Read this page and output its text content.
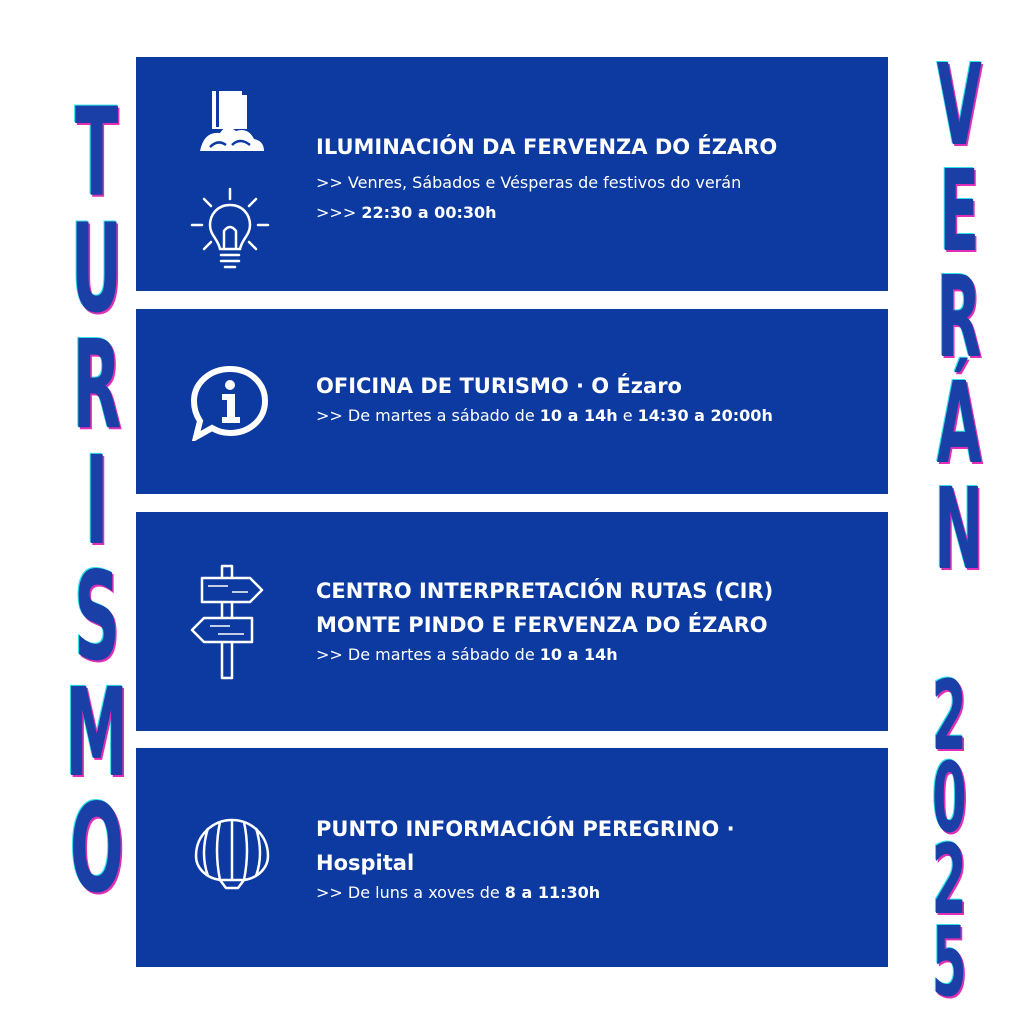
T
U
R
I
S
M
O
V
E
R
Á
N
2
0
2
5

ILUMINACIÓN DA FERVENZA DO ÉZARO

>> Venres, Sábados e Vésperas de festivos do verán

>>> 22:30 a 00:30h

OFICINA DE TURISMO · O Ézaro

>> De martes a sábado de 10 a 14h e 14:30 a 20:00h

CENTRO INTERPRETACIÓN RUTAS (CIR)

MONTE PINDO E FERVENZA DO ÉZARO

>> De martes a sábado de 10 a 14h

PUNTO INFORMACIÓN PEREGRINO ·

Hospital

>> De luns a xoves de 8 a 11:30h
